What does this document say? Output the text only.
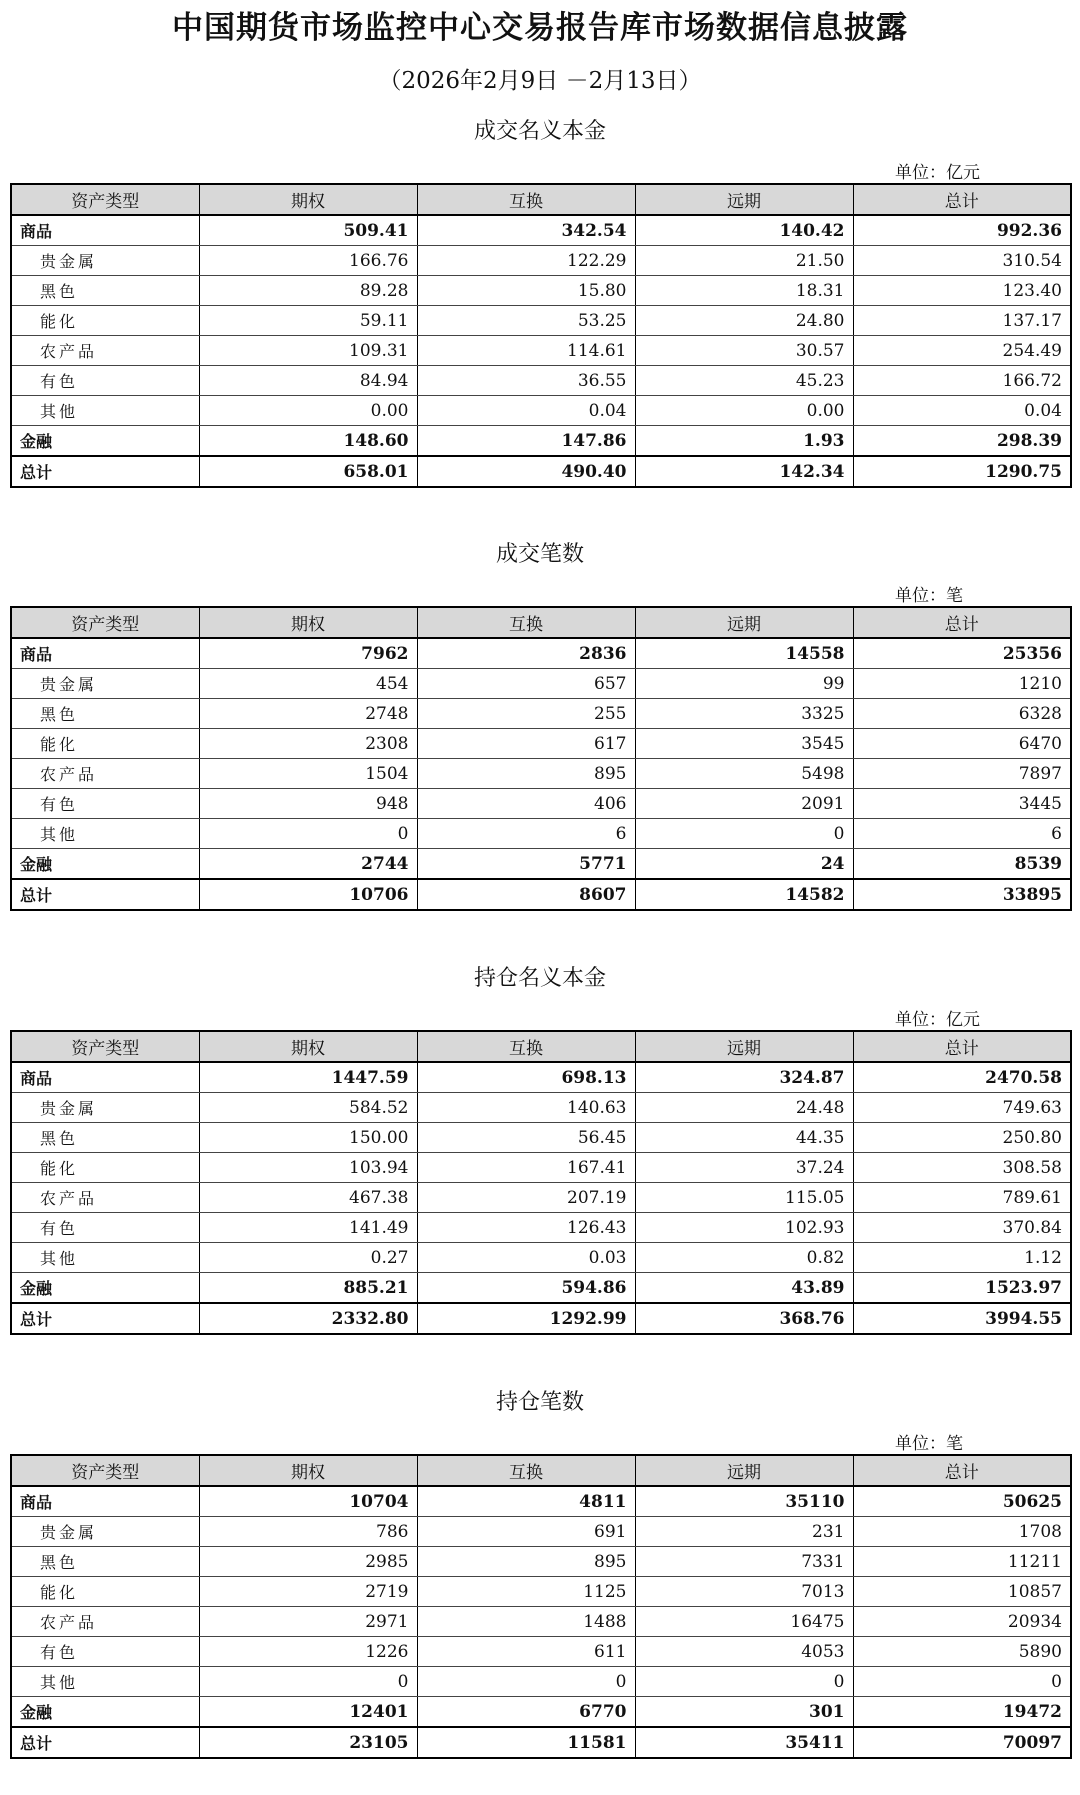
中国期货市场监控中心交易报告库市场数据信息披露
（2026年2月9日 －2月13日）
成交名义本金
单位：亿元
资产类型	期权	互换	远期	总计
商品	509.41	342.54	140.42	992.36
贵金属	166.76	122.29	21.50	310.54
黑色	89.28	15.80	18.31	123.40
能化	59.11	53.25	24.80	137.17
农产品	109.31	114.61	30.57	254.49
有色	84.94	36.55	45.23	166.72
其他	0.00	0.04	0.00	0.04
金融	148.60	147.86	1.93	298.39
总计	658.01	490.40	142.34	1290.75
成交笔数
单位：笔
资产类型	期权	互换	远期	总计
商品	7962	2836	14558	25356
贵金属	454	657	99	1210
黑色	2748	255	3325	6328
能化	2308	617	3545	6470
农产品	1504	895	5498	7897
有色	948	406	2091	3445
其他	0	6	0	6
金融	2744	5771	24	8539
总计	10706	8607	14582	33895
持仓名义本金
单位：亿元
资产类型	期权	互换	远期	总计
商品	1447.59	698.13	324.87	2470.58
贵金属	584.52	140.63	24.48	749.63
黑色	150.00	56.45	44.35	250.80
能化	103.94	167.41	37.24	308.58
农产品	467.38	207.19	115.05	789.61
有色	141.49	126.43	102.93	370.84
其他	0.27	0.03	0.82	1.12
金融	885.21	594.86	43.89	1523.97
总计	2332.80	1292.99	368.76	3994.55
持仓笔数
单位：笔
资产类型	期权	互换	远期	总计
商品	10704	4811	35110	50625
贵金属	786	691	231	1708
黑色	2985	895	7331	11211
能化	2719	1125	7013	10857
农产品	2971	1488	16475	20934
有色	1226	611	4053	5890
其他	0	0	0	0
金融	12401	6770	301	19472
总计	23105	11581	35411	70097
